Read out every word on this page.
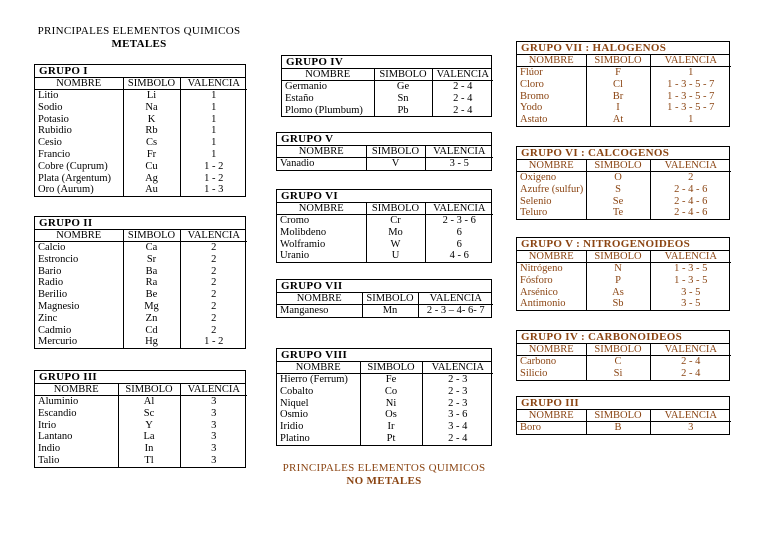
PRINCIPALES ELEMENTOS QUIMICOS
METALES
PRINCIPALES ELEMENTOS QUIMICOS
NO METALES
GRUPO I
NOMBRE	SIMBOLO	VALENCIA
Litio	Li	1
Sodio	Na	1
Potasio	K	1
Rubidio	Rb	1
Cesio	Cs	1
Francio	Fr	1
Cobre (Cuprum)	Cu	1 - 2
Plata (Argentum)	Ag	1 - 2
Oro (Aurum)	Au	1 - 3
GRUPO II
NOMBRE	SIMBOLO	VALENCIA
Calcio	Ca	2
Estroncio	Sr	2
Bario	Ba	2
Radio	Ra	2
Berilio	Be	2
Magnesio	Mg	2
Zinc	Zn	2
Cadmio	Cd	2
Mercurio	Hg	1 - 2
GRUPO III
NOMBRE	SIMBOLO	VALENCIA
Aluminio	Al	3
Escandio	Sc	3
Itrio	Y	3
Lantano	La	3
Indio	In	3
Talio	Tl	3
GRUPO IV
NOMBRE	SIMBOLO	VALENCIA
Germanio	Ge	2 - 4
Estaño	Sn	2 - 4
Plomo (Plumbum)	Pb	2 - 4
GRUPO V
NOMBRE	SIMBOLO	VALENCIA
Vanadio	V	3 - 5
GRUPO VI
NOMBRE	SIMBOLO	VALENCIA
Cromo	Cr	2 - 3 - 6
Molibdeno	Mo	6
Wolframio	W	6
Uranio	U	4 - 6
GRUPO VII
NOMBRE	SIMBOLO	VALENCIA
Manganeso	Mn	2 - 3 – 4- 6- 7
GRUPO VIII
NOMBRE	SIMBOLO	VALENCIA
Hierro (Ferrum)	Fe	2 - 3
Cobalto	Co	2 - 3
Niquel	Ni	2 - 3
Osmio	Os	3 - 6
Iridio	Ir	3 - 4
Platino	Pt	2 - 4
GRUPO VII : HALOGENOS
NOMBRE	SIMBOLO	VALENCIA
Flúor	F	1
Cloro	Cl	1 - 3 - 5 - 7
Bromo	Br	1 - 3 - 5 - 7
Yodo	I	1 - 3 - 5 - 7
Astato	At	1
GRUPO VI : CALCOGENOS
NOMBRE	SIMBOLO	VALENCIA
Oxigeno	O	2
Azufre (sulfur)	S	2 - 4 - 6
Selenio	Se	2 - 4 - 6
Teluro	Te	2 - 4 - 6
GRUPO V : NITROGENOIDEOS
NOMBRE	SIMBOLO	VALENCIA
Nitrógeno	N	1 - 3 - 5
Fósforo	P	1 - 3 - 5
Arsénico	As	3 - 5
Antimonio	Sb	3 - 5
GRUPO IV : CARBONOIDEOS
NOMBRE	SIMBOLO	VALENCIA
Carbono	C	2 - 4
Silicio	Si	2 - 4
GRUPO III
NOMBRE	SIMBOLO	VALENCIA
Boro	B	3
